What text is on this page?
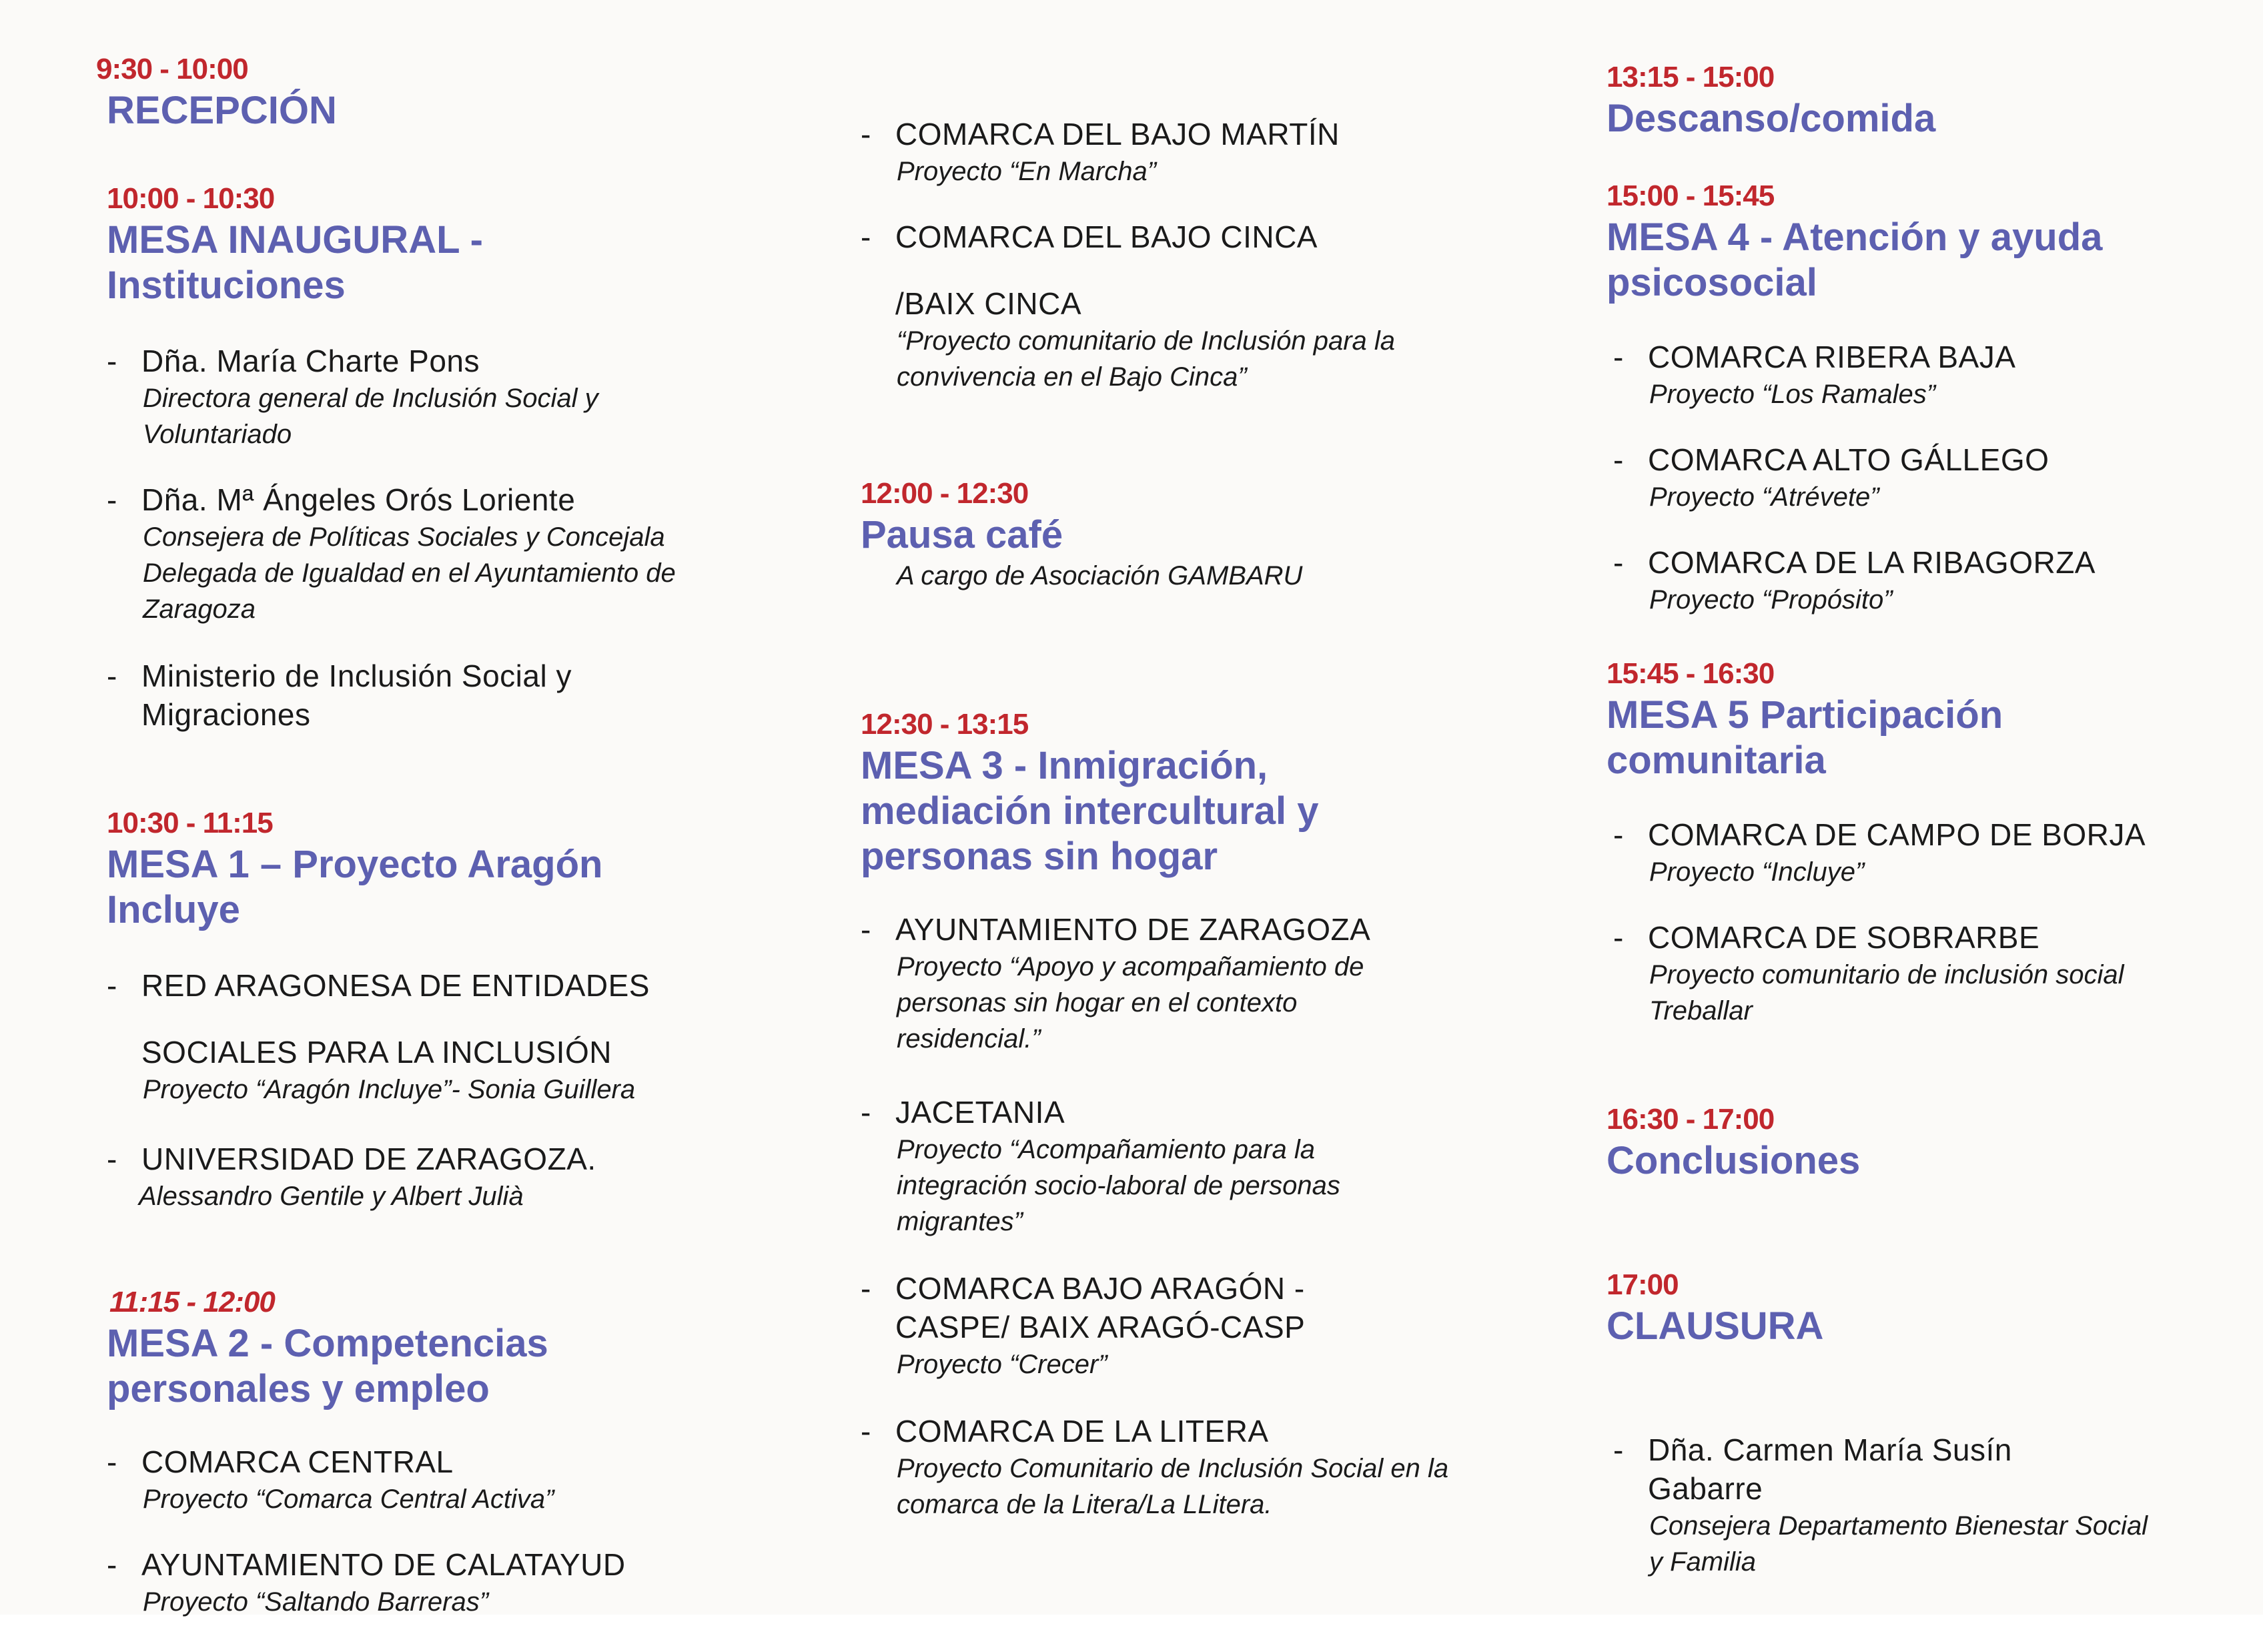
9:30 - 10:00

RECEPCIÓN

10:00 - 10:30

MESA INAUGURAL -

Instituciones

- Dña. María Charte Pons
Directora general de Inclusión Social y
Voluntariado
- Dña. Mª Ángeles Orós Loriente
Consejera de Políticas Sociales y Concejala
Delegada de Igualdad en el Ayuntamiento de
Zaragoza
- Ministerio de Inclusión Social y
Migraciones

10:30 - 11:15

MESA 1 – Proyecto Aragón

Incluye

- RED ARAGONESA DE ENTIDADES
SOCIALES PARA LA INCLUSIÓN
Proyecto “Aragón Incluye”- Sonia Guillera
- UNIVERSIDAD DE ZARAGOZA.
Alessandro Gentile y Albert Julià

11:15 - 12:00

MESA 2 - Competencias

personales y empleo

- COMARCA CENTRAL
Proyecto “Comarca Central Activa”
- AYUNTAMIENTO DE CALATAYUD
Proyecto “Saltando Barreras”
- COMARCA DEL BAJO MARTÍN
Proyecto “En Marcha”
- COMARCA DEL BAJO CINCA
/BAIX CINCA
“Proyecto comunitario de Inclusión para la
convivencia en el Bajo Cinca”

12:00 - 12:30

Pausa café

A cargo de Asociación GAMBARU

12:30 - 13:15

MESA 3 - Inmigración,

mediación intercultural y

personas sin hogar

- AYUNTAMIENTO DE ZARAGOZA
Proyecto “Apoyo y acompañamiento de
personas sin hogar en el contexto
residencial.”
- JACETANIA
Proyecto “Acompañamiento para la
integración socio-laboral de personas
migrantes”
- COMARCA BAJO ARAGÓN -
CASPE/ BAIX ARAGÓ-CASP
Proyecto “Crecer”
- COMARCA DE LA LITERA
Proyecto Comunitario de Inclusión Social en la
comarca de la Litera/La LLitera.

13:15 - 15:00

Descanso/comida

15:00 - 15:45

MESA 4 - Atención y ayuda

psicosocial

- COMARCA RIBERA BAJA
Proyecto “Los Ramales”
- COMARCA ALTO GÁLLEGO
Proyecto “Atrévete”
- COMARCA DE LA RIBAGORZA
Proyecto “Propósito”

15:45 - 16:30

MESA 5 Participación

comunitaria

- COMARCA DE CAMPO DE BORJA
Proyecto “Incluye”
- COMARCA DE SOBRARBE
Proyecto comunitario de inclusión social
Treballar

16:30 - 17:00

Conclusiones

17:00

CLAUSURA

- Dña. Carmen María Susín
Gabarre
Consejera Departamento Bienestar Social
y Familia
